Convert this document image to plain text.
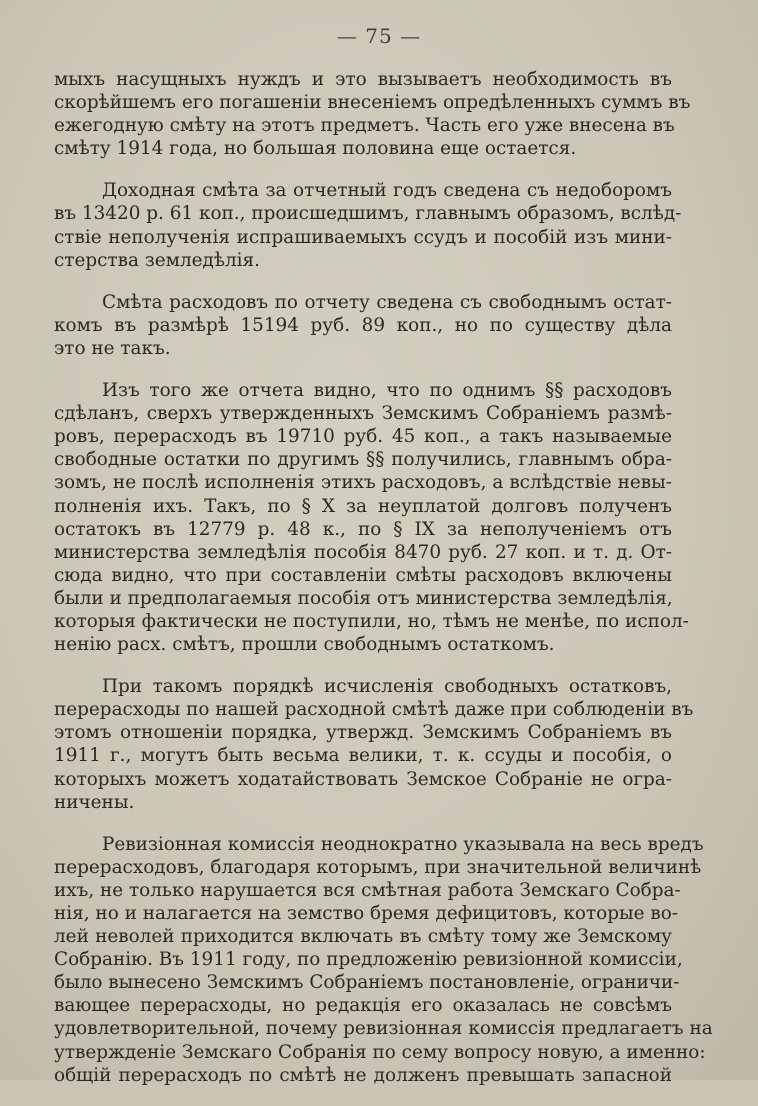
— 75 —
мыхъ насущныхъ нуждъ и это вызываетъ необходимость въ
скорѣйшемъ его погашеніи внесеніемъ опредѣленныхъ суммъ въ
ежегодную смѣту на этотъ предметъ. Часть его уже внесена въ
смѣту 1914 года, но большая половина еще остается.
Доходная смѣта за отчетный годъ сведена съ недоборомъ
въ 13420 р. 61 коп., происшедшимъ, главнымъ образомъ, вслѣд-
ствіе неполученія испрашиваемыхъ ссудъ и пособій изъ мини-
стерства земледѣлія.
Смѣта расходовъ по отчету сведена съ свободнымъ остат-
комъ въ размѣрѣ 15194 руб. 89 коп., но по существу дѣла
это не такъ.
Изъ того же отчета видно, что по однимъ §§ расходовъ
сдѣланъ, сверхъ утвержденныхъ Земскимъ Собраніемъ размѣ-
ровъ, перерасходъ въ 19710 руб. 45 коп., а такъ называемые
свободные остатки по другимъ §§ получились, главнымъ обра-
зомъ, не послѣ исполненія этихъ расходовъ, а вслѣдствіе невы-
полненія ихъ. Такъ, по § X за неуплатой долговъ полученъ
остатокъ въ 12779 р. 48 к., по § IX за неполученіемъ отъ
министерства земледѣлія пособія 8470 руб. 27 коп. и т. д. От-
сюда видно, что при составленіи смѣты расходовъ включены
были и предполагаемыя пособія отъ министерства земледѣлія,
которыя фактически не поступили, но, тѣмъ не менѣе, по испол-
ненію расх. смѣтъ, прошли свободнымъ остаткомъ.
При такомъ порядкѣ исчисленія свободныхъ остатковъ,
перерасходы по нашей расходной смѣтѣ даже при соблюденіи въ
этомъ отношеніи порядка, утвержд. Земскимъ Собраніемъ въ
1911 г., могутъ быть весьма велики, т. к. ссуды и пособія, о
которыхъ можетъ ходатайствовать Земское Собраніе не огра-
ничены.
Ревизіонная комиссія неоднократно указывала на весь вредъ
перерасходовъ, благодаря которымъ, при значительной величинѣ
ихъ, не только нарушается вся смѣтная работа Земскаго Собра-
нія, но и налагается на земство бремя дефицитовъ, которые во-
лей неволей приходится включать въ смѣту тому же Земскому
Собранію. Въ 1911 году, по предложенію ревизіонной комиссіи,
было вынесено Земскимъ Собраніемъ постановленіе, ограничи-
вающее перерасходы, но редакція его оказалась не совсѣмъ
удовлетворительной, почему ревизіонная комиссія предлагаетъ на
утвержденіе Земскаго Собранія по сему вопросу новую, а именно:
общій перерасходъ по смѣтѣ не долженъ превышать запасной
